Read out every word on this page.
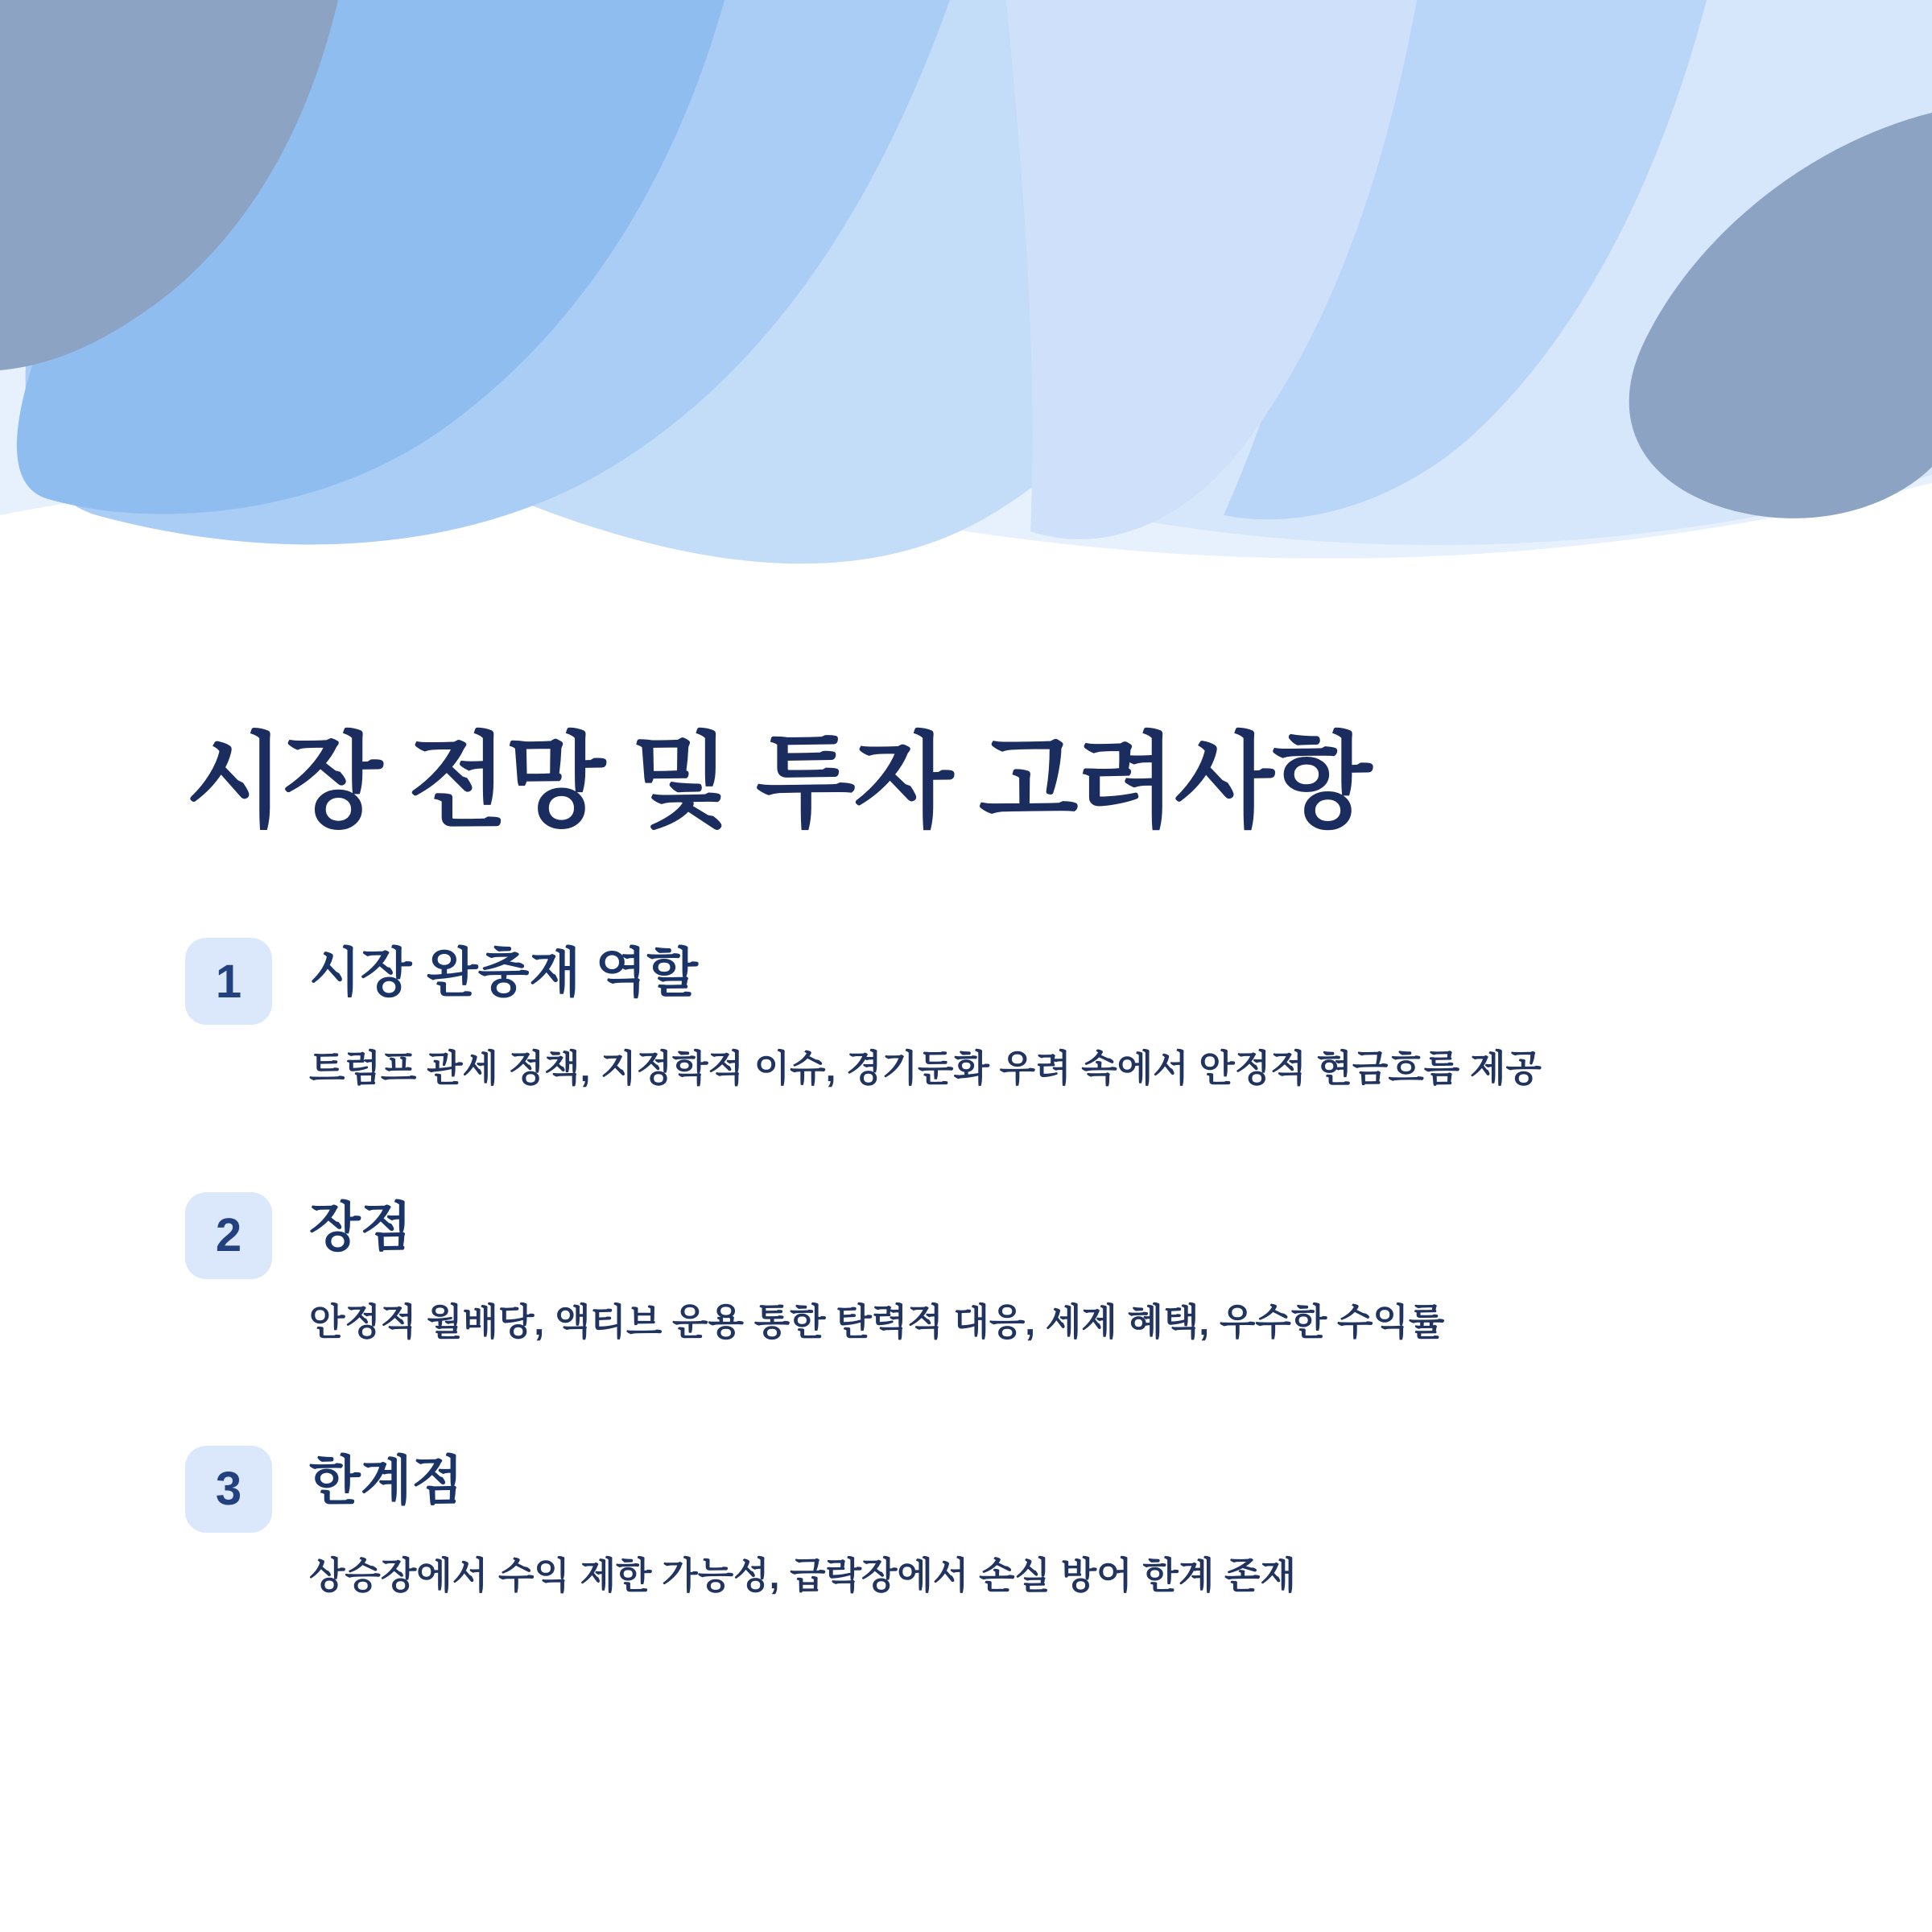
시장 전망 및 투자 고려사항
1	시장 완충재 역할

트럼프 관세 정책, 지정학적 이슈, 경기둔화 우려 속에서 안정적 현금흐름 제공

2	장점

안정적 월배당, 액티브 운용 통한 탄력적 대응, 세제 혜택, 우수한 수익률

3	한계점

상승장에서 수익 제한 가능성, 급락장에서 손실 방어 한계 존재
